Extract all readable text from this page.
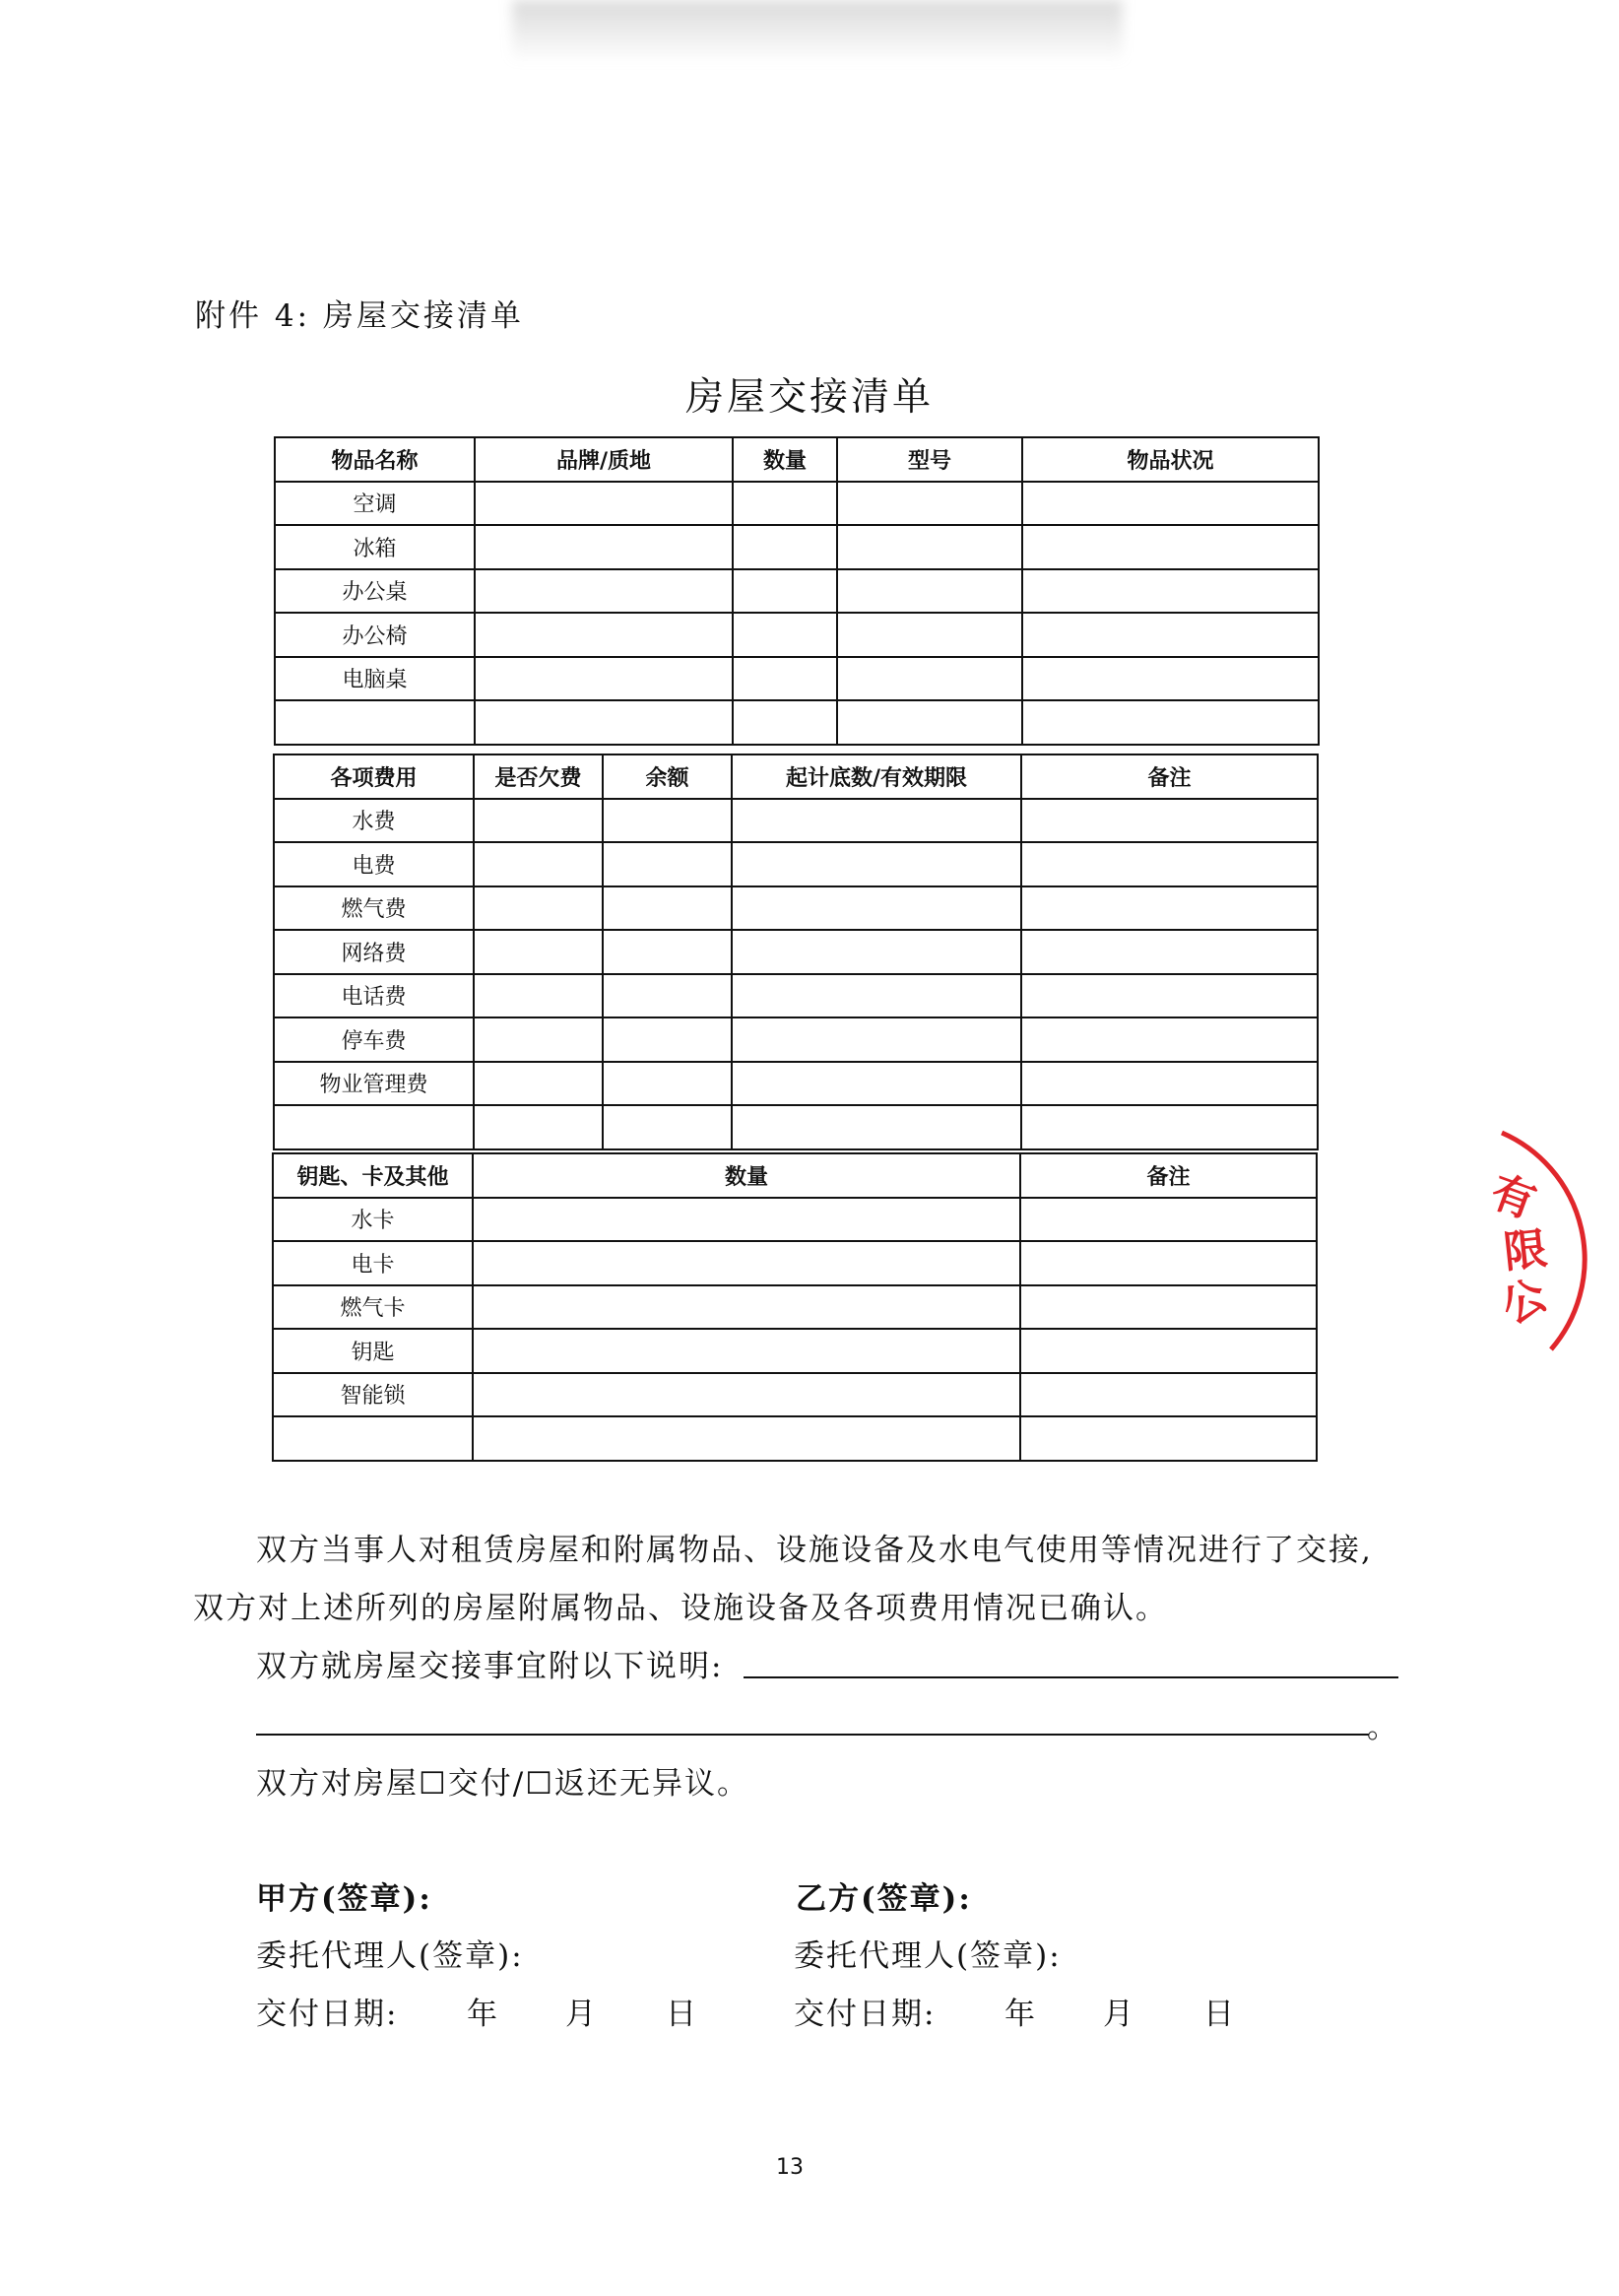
附件 4: 房屋交接清单
房屋交接清单
物品名称	品牌/质地	数量	型号	物品状况
空调				
冰箱				
办公桌				
办公椅				
电脑桌				

各项费用	是否欠费	余额	起计底数/有效期限	备注
水费				
电费				
燃气费				
网络费				
电话费				
停车费				
物业管理费				

钥匙、卡及其他	数量	备注
水卡		
电卡		
燃气卡		
钥匙		
智能锁		

双方当事人对租赁房屋和附属物品、设施设备及水电气使用等情况进行了交接,
双方对上述所列的房屋附属物品、设施设备及各项费用情况已确认。
双方就房屋交接事宜附以下说明:
。
双方对房屋☐交付/☐返还无异议。
甲方(签章):	乙方(签章):
委托代理人(签章):	委托代理人(签章):
交付日期: 年 月 日	交付日期: 年 月 日
13
有
限
公
